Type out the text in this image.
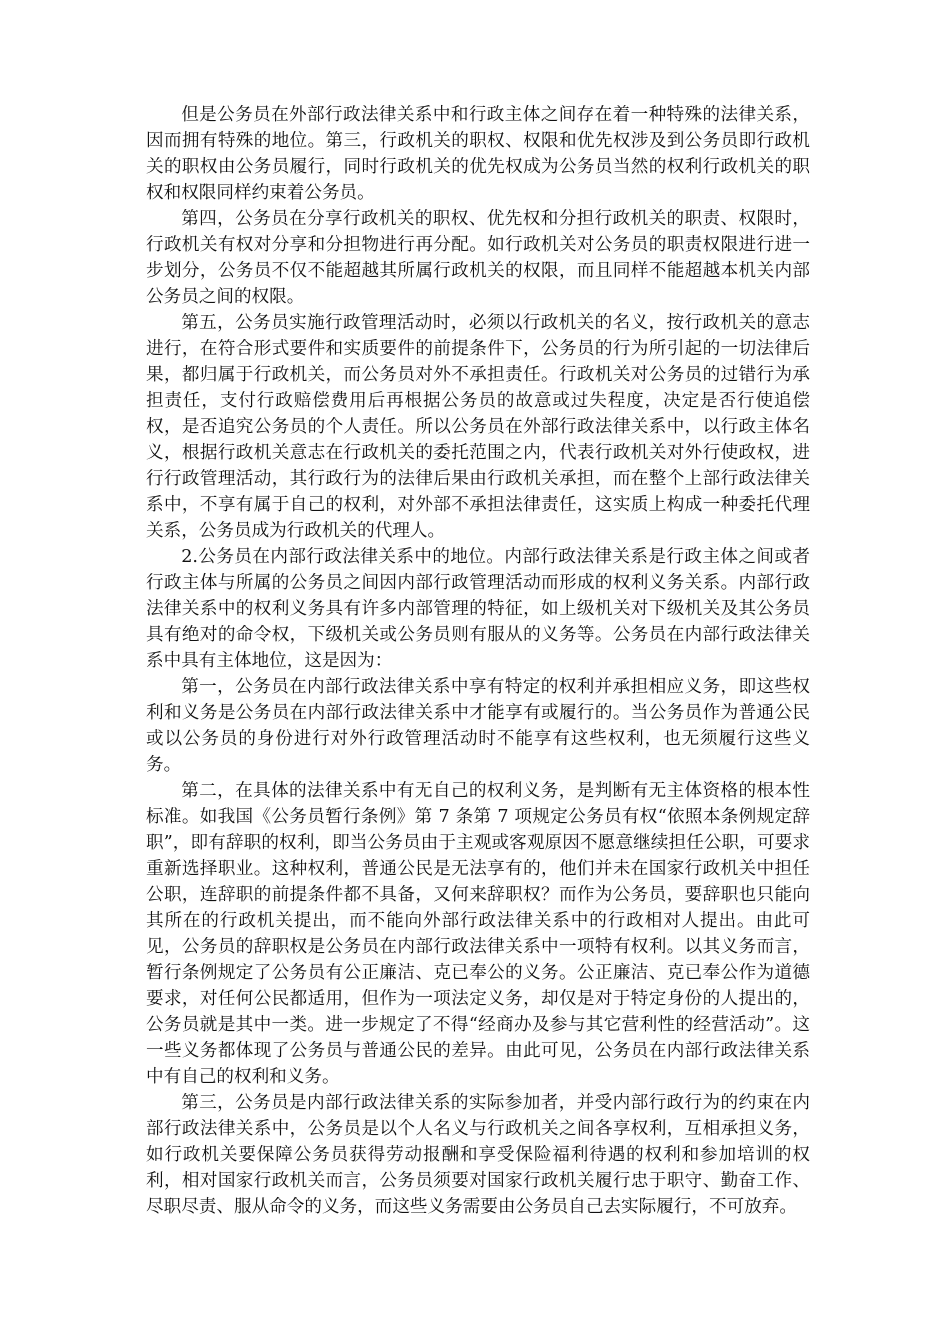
但是公务员在外部行政法律关系中和行政主体之间存在着一种特殊的法律关系，因而拥有特殊的地位。第三，行政机关的职权、权限和优先权涉及到公务员即行政机关的职权由公务员履行，同时行政机关的优先权成为公务员当然的权利行政机关的职权和权限同样约束着公务员。

第四，公务员在分享行政机关的职权、优先权和分担行政机关的职责、权限时，行政机关有权对分享和分担物进行再分配。如行政机关对公务员的职责权限进行进一步划分，公务员不仅不能超越其所属行政机关的权限，而且同样不能超越本机关内部公务员之间的权限。

第五，公务员实施行政管理活动时，必须以行政机关的名义，按行政机关的意志进行，在符合形式要件和实质要件的前提条件下，公务员的行为所引起的一切法律后果，都归属于行政机关，而公务员对外不承担责任。行政机关对公务员的过错行为承担责任，支付行政赔偿费用后再根据公务员的故意或过失程度，决定是否行使追偿权，是否追究公务员的个人责任。所以公务员在外部行政法律关系中，以行政主体名义，根据行政机关意志在行政机关的委托范围之内，代表行政机关对外行使政权，进行行政管理活动，其行政行为的法律后果由行政机关承担，而在整个上部行政法律关系中，不享有属于自己的权利，对外部不承担法律责任，这实质上构成一种委托代理关系，公务员成为行政机关的代理人。

2.公务员在内部行政法律关系中的地位。内部行政法律关系是行政主体之间或者行政主体与所属的公务员之间因内部行政管理活动而形成的权利义务关系。内部行政法律关系中的权利义务具有许多内部管理的特征，如上级机关对下级机关及其公务员具有绝对的命令权，下级机关或公务员则有服从的义务等。公务员在内部行政法律关系中具有主体地位，这是因为：

第一，公务员在内部行政法律关系中享有特定的权利并承担相应义务，即这些权利和义务是公务员在内部行政法律关系中才能享有或履行的。当公务员作为普通公民或以公务员的身份进行对外行政管理活动时不能享有这些权利，也无须履行这些义务。

第二，在具体的法律关系中有无自己的权利义务，是判断有无主体资格的根本性标准。如我国《公务员暂行条例》第 7 条第 7 项规定公务员有权“依照本条例规定辞职”，即有辞职的权利，即当公务员由于主观或客观原因不愿意继续担任公职，可要求重新选择职业。这种权利，普通公民是无法享有的，他们并未在国家行政机关中担任公职，连辞职的前提条件都不具备，又何来辞职权？而作为公务员，要辞职也只能向其所在的行政机关提出，而不能向外部行政法律关系中的行政相对人提出。由此可见，公务员的辞职权是公务员在内部行政法律关系中一项特有权利。以其义务而言，暂行条例规定了公务员有公正廉洁、克已奉公的义务。公正廉洁、克已奉公作为道德要求，对任何公民都适用，但作为一项法定义务，却仅是对于特定身份的人提出的，公务员就是其中一类。进一步规定了不得“经商办及参与其它营利性的经营活动”。这一些义务都体现了公务员与普通公民的差异。由此可见，公务员在内部行政法律关系中有自己的权利和义务。

第三，公务员是内部行政法律关系的实际参加者，并受内部行政行为的约束在内部行政法律关系中，公务员是以个人名义与行政机关之间各享权利，互相承担义务，如行政机关要保障公务员获得劳动报酬和享受保险福利待遇的权利和参加培训的权利，相对国家行政机关而言，公务员须要对国家行政机关履行忠于职守、勤奋工作、尽职尽责、服从命令的义务，而这些义务需要由公务员自己去实际履行，不可放弃。
